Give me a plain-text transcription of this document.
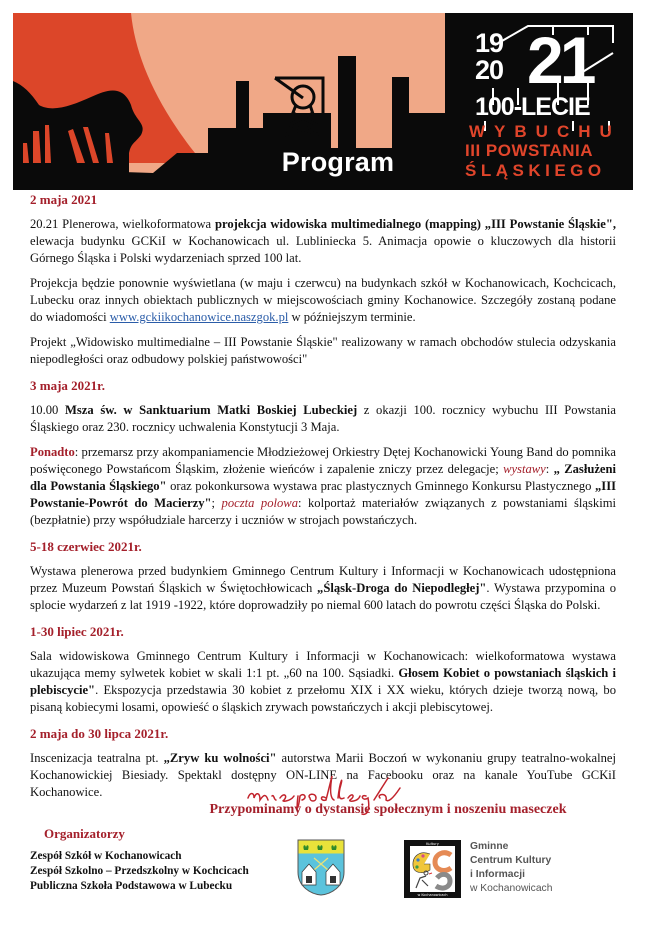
Program
19
20 21
100-LECIE
WYBUCHU
III POWSTANIA
ŚLĄSKIEGO

2 maja 2021

20.21 Plenerowa, wielkoformatowa projekcja widowiska multimedialnego (mapping) „III Powstanie Śląskie", elewacja budynku GCKiI w Kochanowicach ul. Lubliniecka 5. Animacja opowie o kluczowych dla historii Górnego Śląska i Polski wydarzeniach sprzed 100 lat.

Projekcja będzie ponownie wyświetlana (w maju i czerwcu) na budynkach szkół w Kochanowicach, Kochcicach, Lubecku oraz innych obiektach publicznych w miejscowościach gminy Kochanowice. Szczegóły zostaną podane do wiadomości www.gckiikochanowice.naszgok.pl w późniejszym terminie.

Projekt „Widowisko multimedialne – III Powstanie Śląskie" realizowany w ramach obchodów stulecia odzyskania niepodległości oraz odbudowy polskiej państwowości"

3 maja 2021r.

10.00 Msza św. w Sanktuarium Matki Boskiej Lubeckiej z okazji 100. rocznicy wybuchu III Powstania Śląskiego oraz 230. rocznicy uchwalenia Konstytucji 3 Maja.

Ponadto: przemarsz przy akompaniamencie Młodzieżowej Orkiestry Dętej Kochanowicki Young Band do pomnika poświęconego Powstańcom Śląskim, złożenie wieńców i zapalenie zniczy przez delegacje; wystawy: „ Zasłużeni dla Powstania Śląskiego" oraz pokonkursowa wystawa prac plastycznych Gminnego Konkursu Plastycznego „III Powstanie-Powrót do Macierzy"; poczta polowa: kolportaż materiałów związanych z powstaniami śląskimi (bezpłatnie) przy współudziale harcerzy i uczniów w strojach powstańczych.

5-18 czerwiec 2021r.

Wystawa plenerowa przed budynkiem Gminnego Centrum Kultury i Informacji w Kochanowicach udostępniona przez Muzeum Powstań Śląskich w Świętochłowicach „Śląsk-Droga do Niepodległej". Wystawa przypomina o splocie wydarzeń z lat 1919 -1922, które doprowadziły po niemal 600 latach do powrotu części Śląska do Polski.

1-30 lipiec 2021r.

Sala widowiskowa Gminnego Centrum Kultury i Informacji w Kochanowicach: wielkoformatowa wystawa ukazująca memy sylwetek kobiet w skali 1:1 pt. „60 na 100. Sąsiadki. Głosem Kobiet o powstaniach śląskich i plebiscycie". Ekspozycja przedstawia 30 kobiet z przełomu XIX i XX wieku, których dzieje tworzą nową, bo pisaną kobiecymi losami, opowieść o śląskich zrywach powstańczych i akcji plebiscytowej.

2 maja do 30 lipca 2021r.

Inscenizacja teatralna pt. „Zryw ku wolności" autorstwa Marii Boczoń w wykonaniu grupy teatralno-wokalnej Kochanowickiej Biesiady. Spektakl dostępny ON-LINE na Facebooku oraz na kanale YouTube GCKiI Kochanowice.

Przypominamy o dystansie społecznym i noszeniu maseczek

Organizatorzy
Zespół Szkół w Kochanowicach
Zespół Szkolno – Przedszkolny w Kochcicach
Publiczna Szkoła Podstawowa w Lubecku
Kultury
w Kochanowicach
Gminne
Centrum Kultury
i Informacji
w Kochanowicach
